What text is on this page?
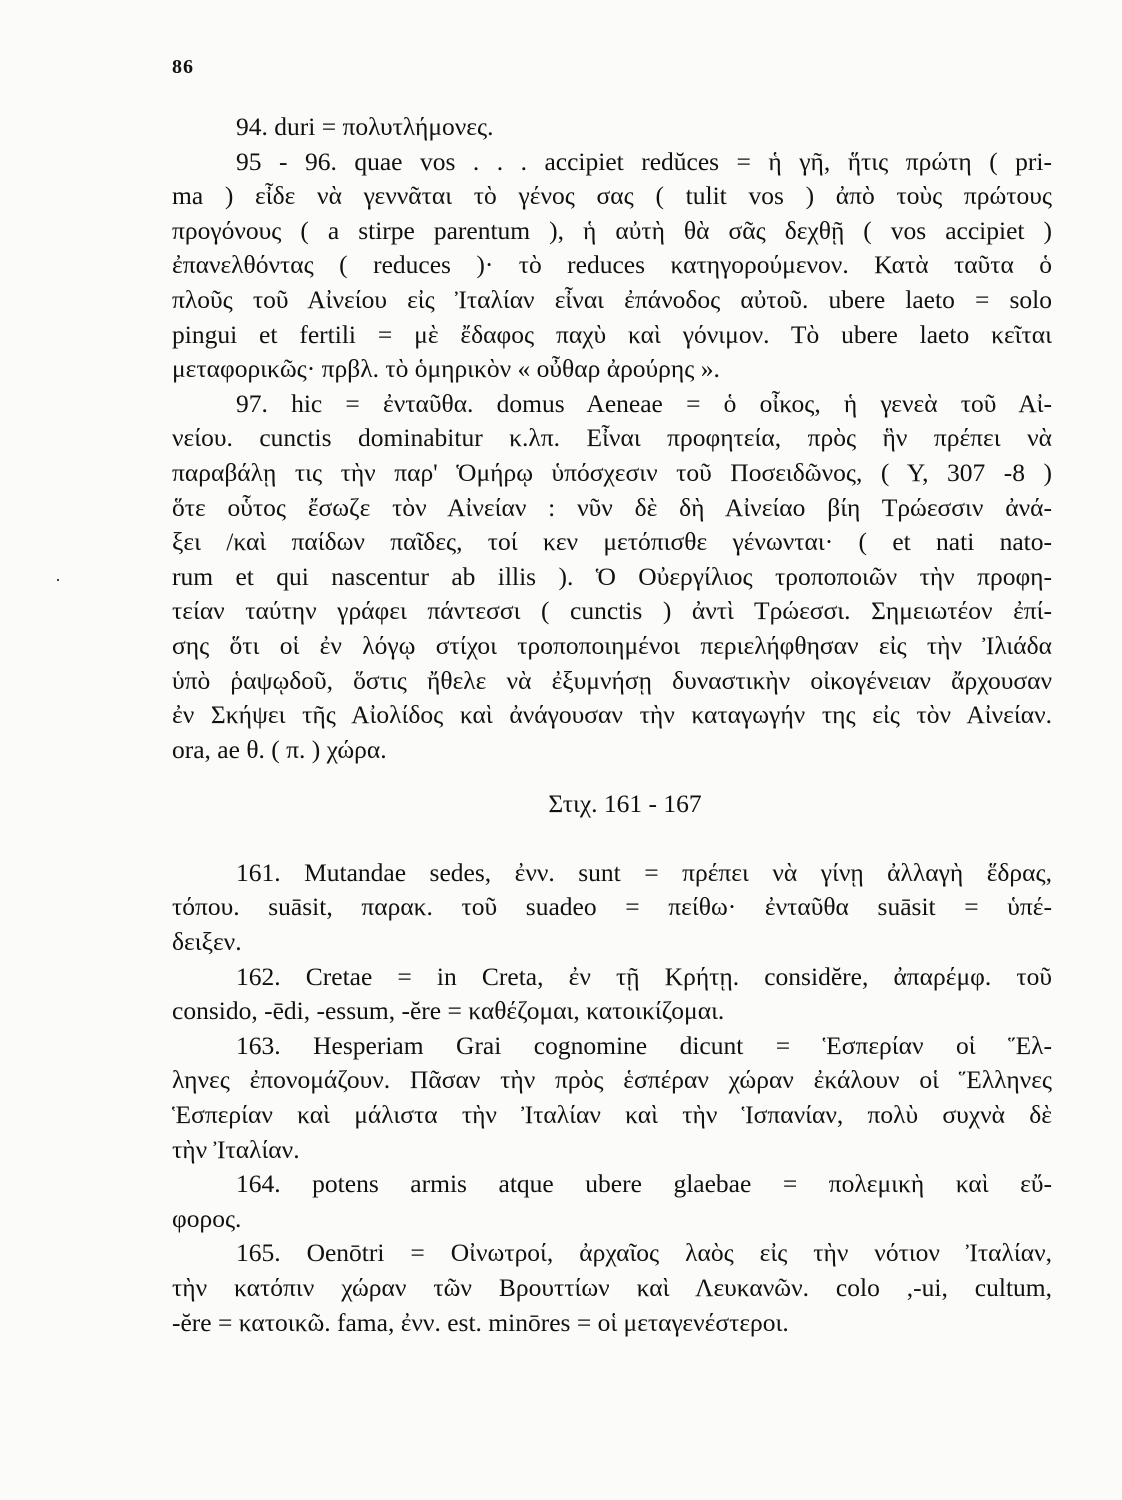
86
·
94. duri = πολυτλήμονες.
95 - 96. quae vos . . . accipiet redŭces = ἡ γῆ, ἥτις πρώτη ( pri-
ma ) εἶδε νὰ γεννᾶται τὸ γένος σας ( tulit vos ) ἀπὸ τοὺς πρώτους
προγόνους ( a stirpe parentum ), ἡ αὐτὴ θὰ σᾶς δεχθῇ ( vos accipiet )
ἐπανελθόντας ( reduces )· τὸ reduces κατηγορούμενον. Κατὰ ταῦτα ὁ
πλοῦς τοῦ Αἰνείου εἰς Ἰταλίαν εἶναι ἐπάνοδος αὐτοῦ. ubere laeto = solo
pingui et fertili = μὲ ἔδαφος παχὺ καὶ γόνιμον. Τὸ ubere laeto κεῖται
μεταφορικῶς· πρβλ. τὸ ὁμηρικὸν « οὖθαρ ἀρούρης ».
97. hic = ἐνταῦθα. domus Aeneae = ὁ οἶκος, ἡ γενεὰ τοῦ Αἰ-
νείου. cunctis dominabitur κ.λπ. Εἶναι προφητεία, πρὸς ἣν πρέπει νὰ
παραβάλῃ τις τὴν παρ' Ὁμήρῳ ὑπόσχεσιν τοῦ Ποσειδῶνος, ( Υ, 307 -8 )
ὅτε οὗτος ἔσωζε τὸν Αἰνείαν : νῦν δὲ δὴ Αἰνείαο βίη Τρώεσσιν ἀνά-
ξει /καὶ παίδων παῖδες, τοί κεν μετόπισθε γένωνται· ( et nati nato-
rum et qui nascentur ab illis ). Ὁ Οὐεργίλιος τροποποιῶν τὴν προφη-
τείαν ταύτην γράφει πάντεσσι ( cunctis ) ἀντὶ Τρώεσσι. Σημειωτέον ἐπί-
σης ὅτι οἱ ἐν λόγῳ στίχοι τροποποιημένοι περιελήφθησαν εἰς τὴν Ἰλιάδα
ὑπὸ ῥαψῳδοῦ, ὅστις ἤθελε νὰ ἐξυμνήσῃ δυναστικὴν οἰκογένειαν ἄρχουσαν
ἐν Σκήψει τῆς Αἰολίδος καὶ ἀνάγουσαν τὴν καταγωγήν της εἰς τὸν Αἰνείαν.
ora, ae θ. ( π. ) χώρα.
Στιχ. 161 - 167
161. Mutandae sedes, ἐνν. sunt = πρέπει νὰ γίνῃ ἀλλαγὴ ἕδρας,
τόπου. suāsit, παρακ. τοῦ suadeo = πείθω· ἐνταῦθα suāsit = ὑπέ-
δειξεν.
162. Cretae = in Creta, ἐν τῇ Κρήτῃ. considĕre, ἀπαρέμφ. τοῦ
consido, -ēdi, -essum, -ĕre = καθέζομαι, κατοικίζομαι.
163. Hesperiam Grai cognomine dicunt = Ἑσπερίαν οἱ Ἕλ-
ληνες ἐπονομάζουν. Πᾶσαν τὴν πρὸς ἑσπέραν χώραν ἐκάλουν οἱ Ἕλληνες
Ἑσπερίαν καὶ μάλιστα τὴν Ἰταλίαν καὶ τὴν Ἱσπανίαν, πολὺ συχνὰ δὲ
τὴν Ἰταλίαν.
164. potens armis atque ubere glaebae = πολεμικὴ καὶ εὔ-
φορος.
165. Oenōtri = Οἰνωτροί, ἀρχαῖος λαὸς εἰς τὴν νότιον Ἰταλίαν,
τὴν κατόπιν χώραν τῶν Βρουττίων καὶ Λευκανῶν. colo ,-ui, cultum,
-ĕre = κατοικῶ. fama, ἐνν. est. minōres = οἱ μεταγενέστεροι.
